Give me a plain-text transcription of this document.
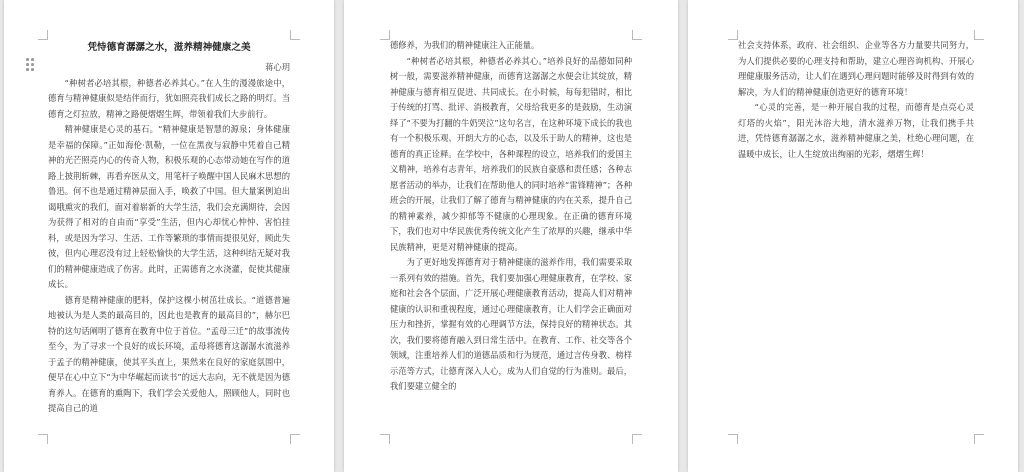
凭恃德育潺潺之水，滋养精神健康之美

蒋心玥

“种树者必培其根，种德者必养其心。”在人生的漫漫旅途中，德育与精神健康似是结伴而行，犹如照亮我们成长之路的明灯。当德育之灯拉放，精神之路便熠熠生辉，带领着我们大步前行。

精神健康是心灵的基石。“精神健康是智慧的源泉；身体健康是幸福的保障。”正如海伦·凯勒，一位在黑夜与寂静中凭着自己精神的光芒照亮内心的传奇人物，积极乐观的心态带动她在写作的道路上披荆斩棘，再看弃医从文，用笔杆子唤醒中国人民麻木思想的鲁迅。何不也是通过精神层面入手，唤救了中国。但大量案例迫出谒哦熏灾的我们，面对着崭新的大学生活，我们会充满期待，会因为获得了相对的自由而“享受”生活，但内心却忧心忡忡、害怕挂科，或是因为学习、生活、工作等繁琐的事情而提很见好，顾此失彼，但内心理忍没有过上轻松愉快的大学生活，这种纠结无疑对我们的精神健康造成了伤害。此时，正需德育之水浇灌，促使其健康成长。

德育是精神健康的肥料，保护这棵小树茁壮成长。“道德普遍地被认为是人类的最高目的，因此也是教育的最高目的”，赫尔巴特的这句话阐明了德育在教育中位于首位。“孟母三迁”的故事流传至今，为了寻求一个良好的成长环境，孟母将德育这潺潺水流滋养于孟子的精神健康，使其平头直上，果然来在良好的家庭氛围中，便早在心中立下“为中华崛起而读书”的远大志向，无不就是因为德育养人。在德育的熏陶下，我们学会关爱他人，照顾他人，同时也提高自己的道

德修养，为我们的精神健康注入正能量。

“种树者必培其根，种德者必养其心。”培养良好的品德如同种树一般，需要滋养精神健康，而德育这潺潺之水便会让其绽放，精神健康与德育相互促进、共同成长。在小时候，每每犯错时，相比于传统的打骂、批评、消极教育，父母给我更多的是鼓励，生动演绎了“不要为打翻的牛奶哭泣”这句名言，在这种环境下成长的我也有一个积极乐观、开朗大方的心态，以及乐于助人的精神，这也是德育的真正诠释。在学校中，各种课程的设立，培养我们的爱国主义精神，培养有志青年，培养我们的民族自豪感和责任感；各种志愿者活动的举办，让我们在帮助他人的同时培养“雷锋精神”；各种班会的开展，让我们了解了德育与精神健康的内在关系，提升自己的精神素养，减少抑郁等不健康的心理现象。在正确的德育环境下，我们也对中华民族优秀传统文化产生了浓厚的兴趣，继承中华民族精神，更是对精神健康的提高。

为了更好地发挥德育对于精神健康的滋养作用，我们需要采取一系列有效的措施。首先，我们要加强心理健康教育，在学校、家庭和社会各个层面，广泛开展心理健康教育活动，提高人们对精神健康的认识和重视程度，通过心理健康教育，让人们学会正确面对压力和挫折，掌握有效的心理调节方法，保持良好的精神状态。其次，我们要将德育融入到日常生活中。在教育、工作、社交等各个领域，注重培养人们的道德品质和行为规范，通过言传身教、榜样示范等方式，让德育深入人心，成为人们自觉的行为准则。最后，我们要建立健全的

社会支持体系，政府、社会组织、企业等各方力量要共同努力，为人们提供必要的心理支持和帮助，建立心理咨询机构、开展心理健康服务活动，让人们在遇到心理问题时能够及时得到有效的解决，为人们的精神健康创造更好的德育环境！

“心灵的完善，是一种开展自我的过程，而德育是点亮心灵灯塔的火焰”，阳光沐浴大地，清水滋养万物，让我们携手共进，凭恃德育潺潺之水，滋养精神健康之美，杜绝心理问题，在温暖中成长，让人生绽放出绚丽的光彩，熠熠生辉！
